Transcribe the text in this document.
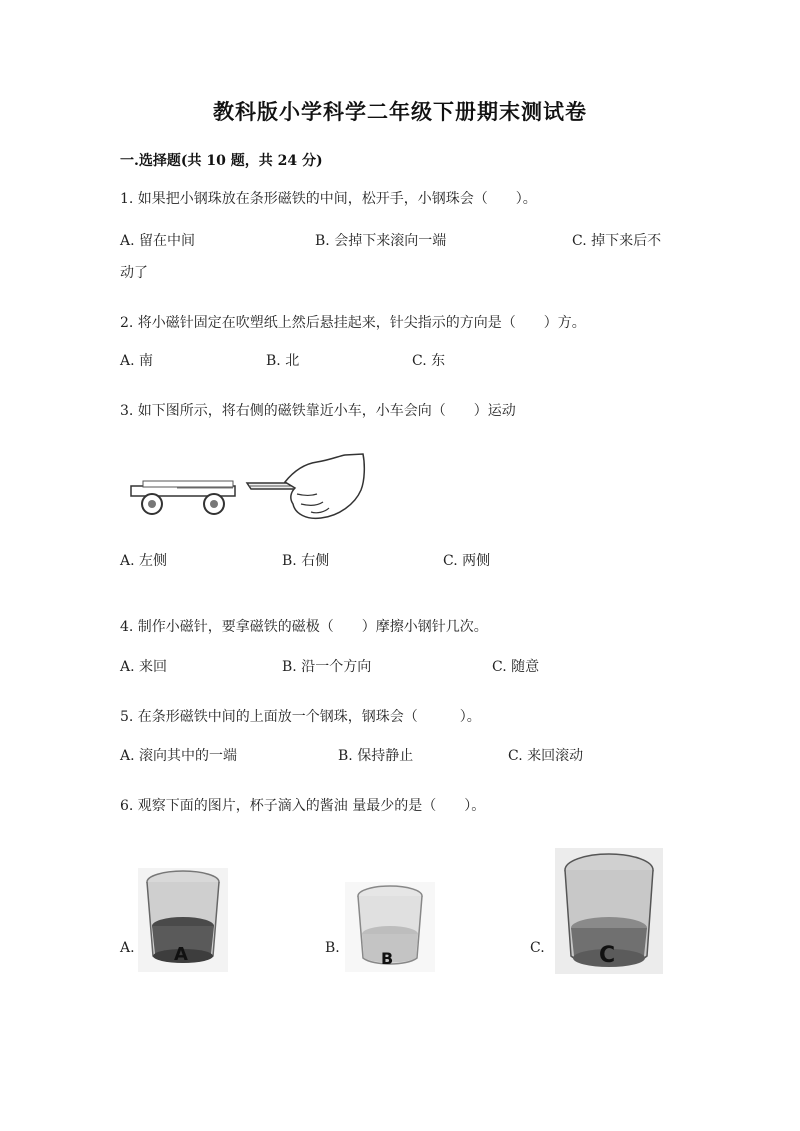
教科版小学科学二年级下册期末测试卷
一.选择题(共 10 题，共 24 分)
1. 如果把小钢珠放在条形磁铁的中间，松开手，小钢珠会（　　）。
A. 留在中间	B. 会掉下来滚向一端	C. 掉下来后不
动了
2. 将小磁针固定在吹塑纸上然后悬挂起来，针尖指示的方向是（　　）方。
A. 南	B. 北	C. 东
3. 如下图所示，将右侧的磁铁靠近小车，小车会向（　　）运动
A. 左侧	B. 右侧	C. 两侧
4. 制作小磁针，要拿磁铁的磁极（　　）摩擦小钢针几次。
A. 来回	B. 沿一个方向	C. 随意
5. 在条形磁铁中间的上面放一个钢珠，钢珠会（　　　）。
A. 滚向其中的一端	B. 保持静止	C. 来回滚动
6. 观察下面的图片，杯子滴入的酱油 量最少的是（　　）。
A. A	B.
B
C. C
